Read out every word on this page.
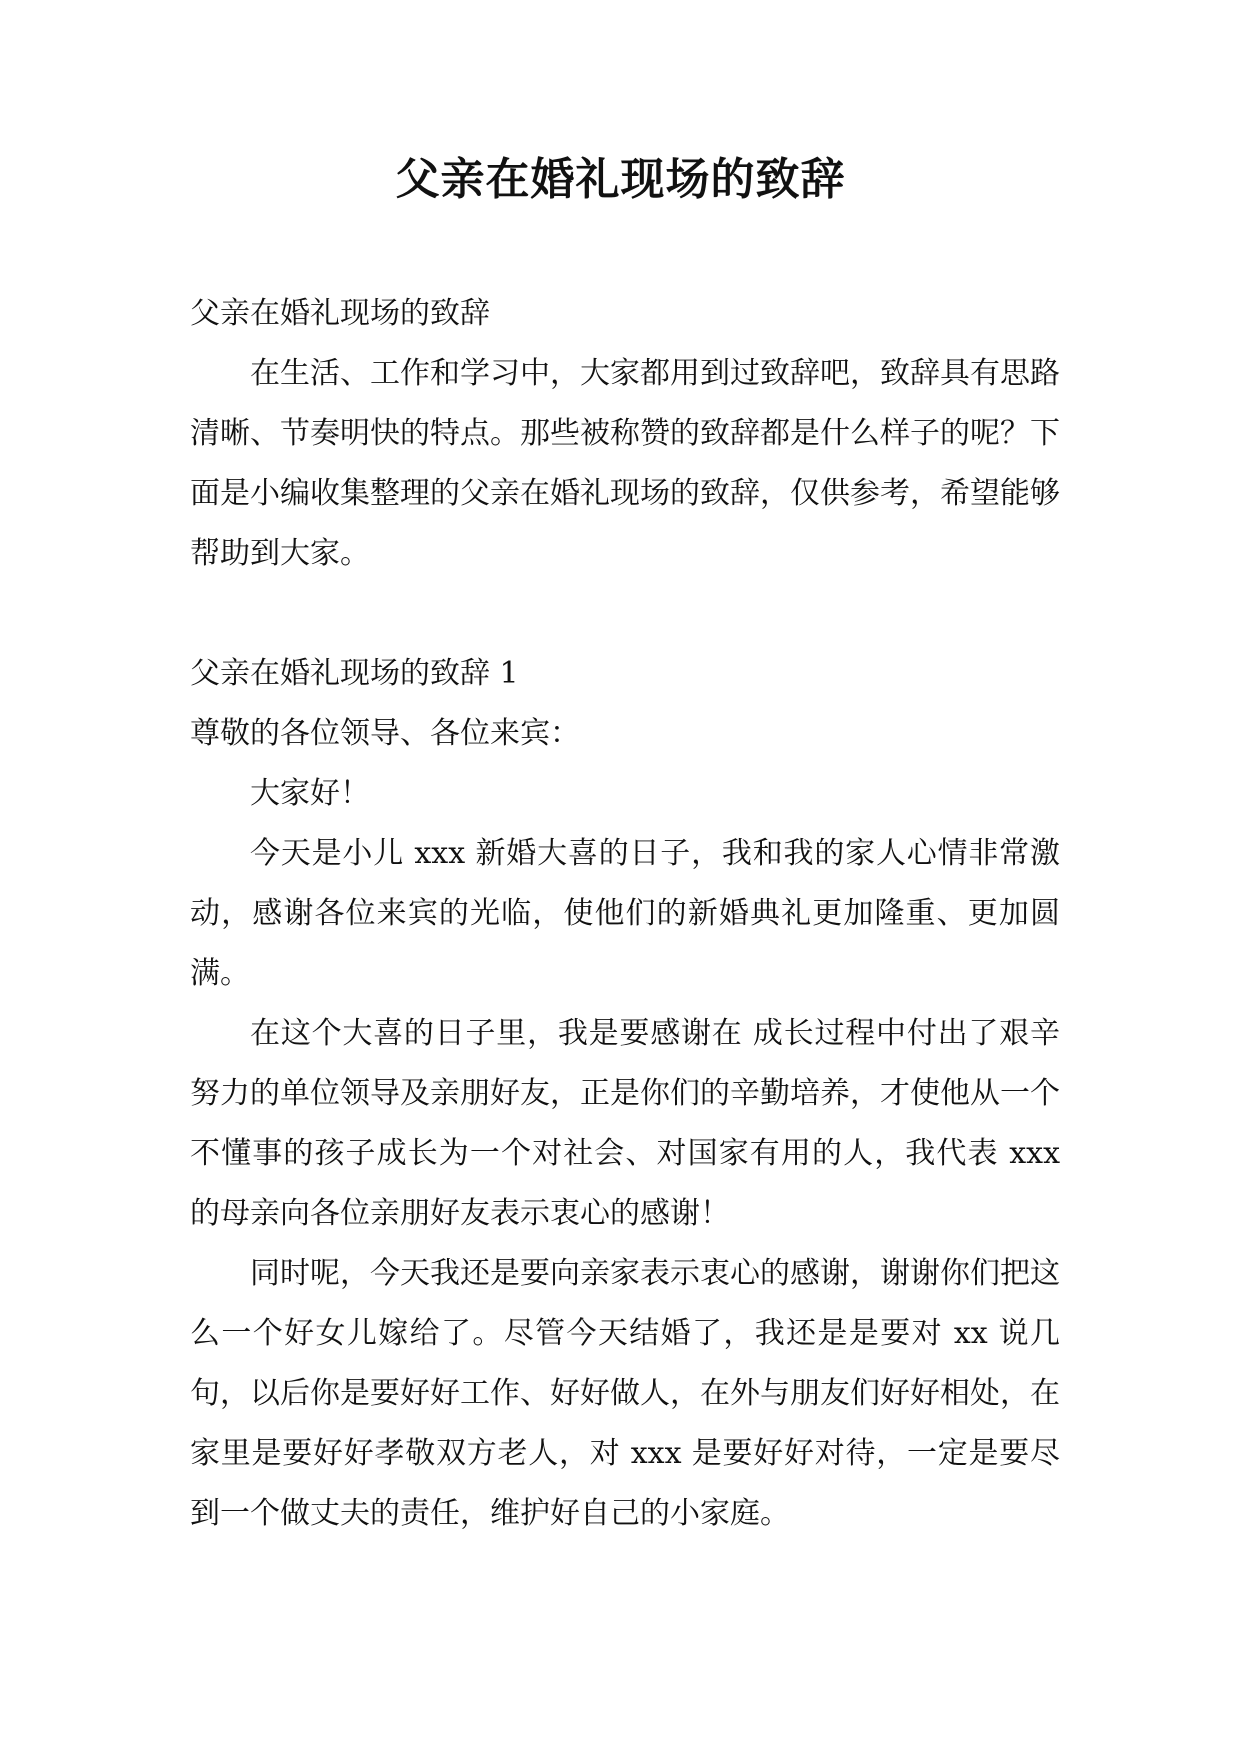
父亲在婚礼现场的致辞

父亲在婚礼现场的致辞

在生活、工作和学习中，大家都用到过致辞吧，致辞具有思路清晰、节奏明快的特点。那些被称赞的致辞都是什么样子的呢？下面是小编收集整理的父亲在婚礼现场的致辞，仅供参考，希望能够帮助到大家。

父亲在婚礼现场的致辞 1

尊敬的各位领导、各位来宾：

大家好！

今天是小儿 xxx 新婚大喜的日子，我和我的家人心情非常激动，感谢各位来宾的光临，使他们的新婚典礼更加隆重、更加圆满。

在这个大喜的日子里，我是要感谢在 成长过程中付出了艰辛努力的单位领导及亲朋好友，正是你们的辛勤培养，才使他从一个不懂事的孩子成长为一个对社会、对国家有用的人，我代表 xxx 的母亲向各位亲朋好友表示衷心的感谢！

同时呢，今天我还是要向亲家表示衷心的感谢，谢谢你们把这么一个好女儿嫁给了。尽管今天结婚了，我还是是要对 xx 说几句，以后你是要好好工作、好好做人，在外与朋友们好好相处，在家里是要好好孝敬双方老人，对 xxx 是要好好对待，一定是要尽到一个做丈夫的责任，维护好自己的小家庭。
